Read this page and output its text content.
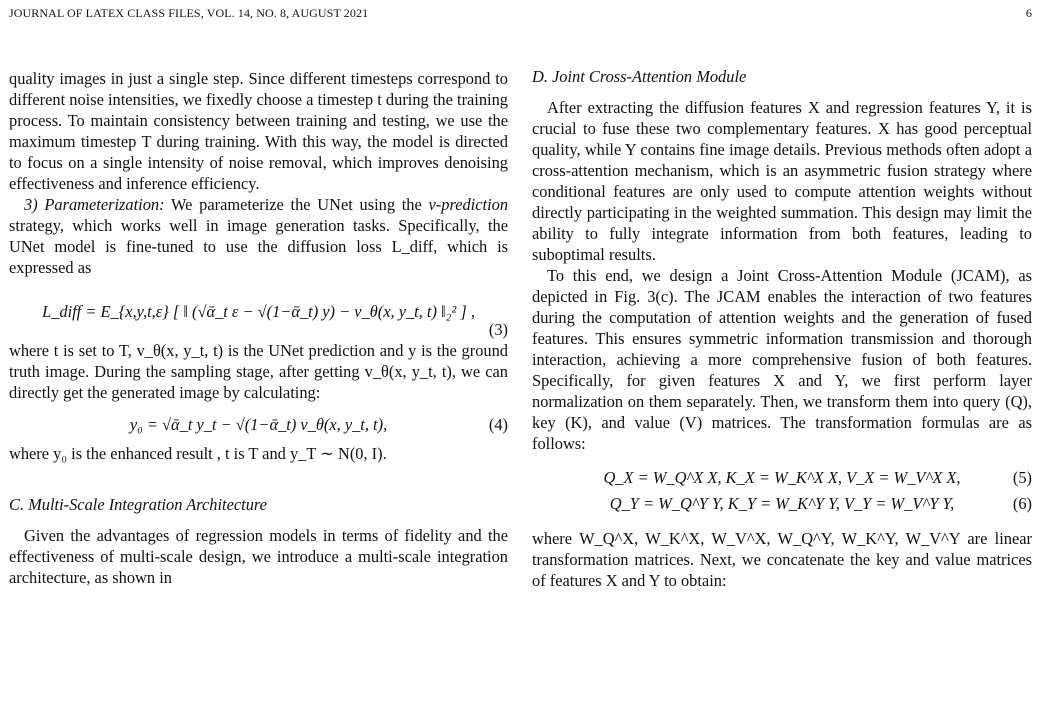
JOURNAL OF LATEX CLASS FILES, VOL. 14, NO. 8, AUGUST 2021	6

quality images in just a single step. Since different timesteps correspond to different noise intensities, we fixedly choose a timestep t during the training process. To maintain consistency between training and testing, we use the maximum timestep T during training. With this way, the model is directed to focus on a single intensity of noise removal, which improves denoising effectiveness and inference efficiency.

3) Parameterization: We parameterize the UNet using the v-prediction strategy, which works well in image generation tasks. Specifically, the UNet model is fine-tuned to use the diffusion loss L_diff, which is expressed as

L_diff = E_{x,y,t,ε} [ ‖ (√ᾱ_t ε − √(1−ᾱ_t) y) − v_θ(x, y_t, t) ‖₂² ] ,
(3)

where t is set to T, v_θ(x, y_t, t) is the UNet prediction and y is the ground truth image. During the sampling stage, after getting v_θ(x, y_t, t), we can directly get the generated image by calculating:

y₀ = √ᾱ_t y_t − √(1−ᾱ_t) v_θ(x, y_t, t),	(4)

where y₀ is the enhanced result , t is T and y_T ∼ N(0, I).

C. Multi-Scale Integration Architecture

Given the advantages of regression models in terms of fidelity and the effectiveness of multi-scale design, we introduce a multi-scale integration architecture, as shown in

D. Joint Cross-Attention Module

After extracting the diffusion features X and regression features Y, it is crucial to fuse these two complementary features. X has good perceptual quality, while Y contains fine image details. Previous methods often adopt a cross-attention mechanism, which is an asymmetric fusion strategy where conditional features are only used to compute attention weights without directly participating in the weighted summation. This design may limit the ability to fully integrate information from both features, leading to suboptimal results.

To this end, we design a Joint Cross-Attention Module (JCAM), as depicted in Fig. 3(c). The JCAM enables the interaction of two features during the computation of attention weights and the generation of fused features. This ensures symmetric information transmission and thorough interaction, achieving a more comprehensive fusion of both features. Specifically, for given features X and Y, we first perform layer normalization on them separately. Then, we transform them into query (Q), key (K), and value (V) matrices. The transformation formulas are as follows:

Q_X = W_Q^X X, K_X = W_K^X X, V_X = W_V^X X,	(5)
Q_Y = W_Q^Y Y, K_Y = W_K^Y Y, V_Y = W_V^Y Y,	(6)

where W_Q^X, W_K^X, W_V^X, W_Q^Y, W_K^Y, W_V^Y are linear transformation matrices. Next, we concatenate the key and value matrices of features X and Y to obtain:
